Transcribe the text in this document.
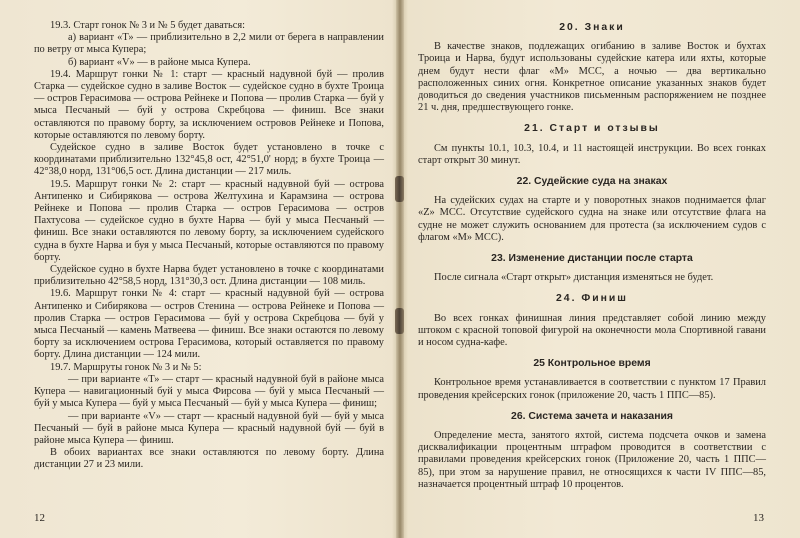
19.3. Старт гонок № 3 и № 5 будет даваться:

а) вариант «Т» — приблизительно в 2,2 мили от берега в направлении по ветру от мыса Купера;

б) вариант «V» — в районе мыса Купера.

19.4. Маршрут гонки № 1: старт — красный надувной буй — пролив Старка — судейское судно в заливе Восток — судейское судно в бухте Троица — остров Герасимова — острова Рейнеке и Попова — пролив Старка — буй у мыса Песчаный — буй у острова Скребцова — финиш. Все знаки оставляются по правому борту, за исключением островов Рейнеке и Попова, которые оставляются по левому борту.

Судейское судно в заливе Восток будет установлено в точке с координатами приблизительно 132°45,8 ост, 42°51,0' норд; в бухте Троица — 42°38,0 норд, 131°06,5 ост. Длина дистанции — 217 миль.

19.5. Маршрут гонки № 2: старт — красный надувной буй — острова Антипенко и Сибирякова — острова Желтухина и Карамзина — острова Рейнеке и Попова — пролив Старка — остров Герасимова — остров Пахтусова — судейское судно в бухте Нарва — буй у мыса Песчаный — финиш. Все знаки оставляются по левому борту, за исключением судейского судна в бухте Нарва и буя у мыса Песчаный, которые оставляются по правому борту.

Судейское судно в бухте Нарва будет установлено в точке с координатами приблизительно 42°58,5 норд, 131°30,3 ост. Длина дистанции — 108 миль.

19.6. Маршрут гонки № 4: старт — красный надувной буй — острова Антипенко и Сибирякова — остров Стенина — острова Рейнеке и Попова — пролив Старка — остров Герасимова — буй у острова Скребцова — буй у мыса Песчаный — камень Матвеева — финиш. Все знаки остаются по левому борту за исключением острова Герасимова, который оставляется по правому борту. Длина дистанции — 124 мили.

19.7. Маршруты гонок № 3 и № 5:

— при варианте «Т» — старт — красный надувной буй в районе мыса Купера — навигационный буй у мыса Фирсова — буй у мыса Песчаный — буй у мыса Купера — буй у мыса Песчаный — буй у мыса Купера — финиш;

— при варианте «V» — старт — красный надувной буй — буй у мыса Песчаный — буй в районе мыса Купера — красный надувной буй — буй в районе мыса Купера — финиш.

В обоих вариантах все знаки оставляются по левому борту. Длина дистанции 27 и 23 мили.

12
20. Знаки

В качестве знаков, подлежащих огибанию в заливе Восток и бухтах Троица и Нарва, будут использованы судейские катера или яхты, которые днем будут нести флаг «М» МСС, а ночью — два вертикально расположенных синих огня. Конкретное описание указанных знаков будет доводиться до сведения участников письменным распоряжением не позднее 21 ч. дня, предшествующего гонке.

21. Старт и отзывы

См пункты 10.1, 10.3, 10.4, и 11 настоящей инструкции. Во всех гонках старт открыт 30 минут.

22. Судейские суда на знаках

На судейских судах на старте и у поворотных знаков поднимается флаг «Z» МСС. Отсутствие судейского судна на знаке или отсутствие флага на судне не может служить основанием для протеста (за исключением судов с флагом «М» МСС).

23. Изменение дистанции после старта

После сигнала «Старт открыт» дистанция изменяться не будет.

24. Финиш

Во всех гонках финишная линия представляет собой линию между штоком с красной топовой фигурой на оконечности мола Спортивной гавани и носом судна-кафе.

25 Контрольное время

Контрольное время устанавливается в соответствии с пунктом 17 Правил проведения крейсерских гонок (приложение 20, часть 1 ППС—85).

26. Система зачета и наказания

Определение места, занятого яхтой, система подсчета очков и замена дисквалификации процентным штрафом проводится в соответствии с правилами проведения крейсерских гонок (Приложение 20, часть 1 ППС—85), при этом за нарушение правил, не относящихся к части IV ППС—85, назначается процентный штраф 10 процентов.

13
